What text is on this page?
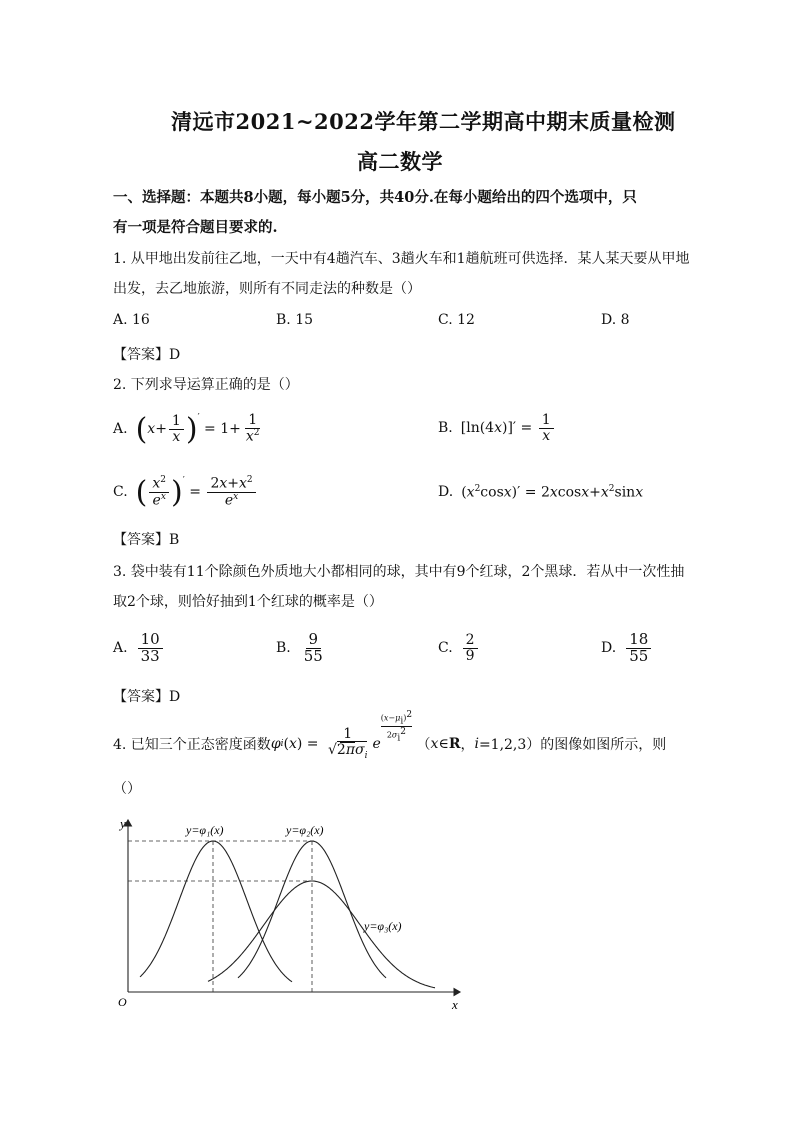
清远市2021~2022学年第二学期高中期末质量检测
高二数学
一、选择题：本题共8小题，每小题5分，共40分.在每小题给出的四个选项中，只
有一项是符合题目要求的.
1. 从甲地出发前往乙地，一天中有4趟汽车、3趟火车和1趟航班可供选择．某人某天要从甲地
出发，去乙地旅游，则所有不同走法的种数是（）
A. 16	B. 15	C. 12	D. 8
【答案】D
2. 下列求导运算正确的是（）
A. ( $x + \frac{1}{x} )'$
= $1+ \frac{1}{x^2}$	B. [ln(4 x )]′ = $\frac{1}{x}$
C. ( $\frac{x^2}{e^x} )'$
= $\frac{2x+x^2}{e^x}$	D. $(x^2\cos x)' = 2xcosx+x^2\sin x$
【答案】B
3. 袋中装有11个除颜色外质地大小都相同的球，其中有9个红球，2个黑球．若从中一次性抽
取2个球，则恰好抽到1个红球的概率是（）
A. $\frac{10}{33}$	B. $\frac{9}{55}$	C. $\frac{2}{9}$	D. $\frac{18}{55}$
【答案】D
4. 已知三个正态密度函数 φ i ( x ) = $\frac{1}{√2\pi\sigma_i}$ e
$(x-\mu_i)^2$
$2\sigma_i^2$
（ x ∈ R ， i =1,2,3） 的图像如图所示，则
（）
y
x
O
y=φ₁(x)	y=φ₂(x)
y=φ₃(x)
